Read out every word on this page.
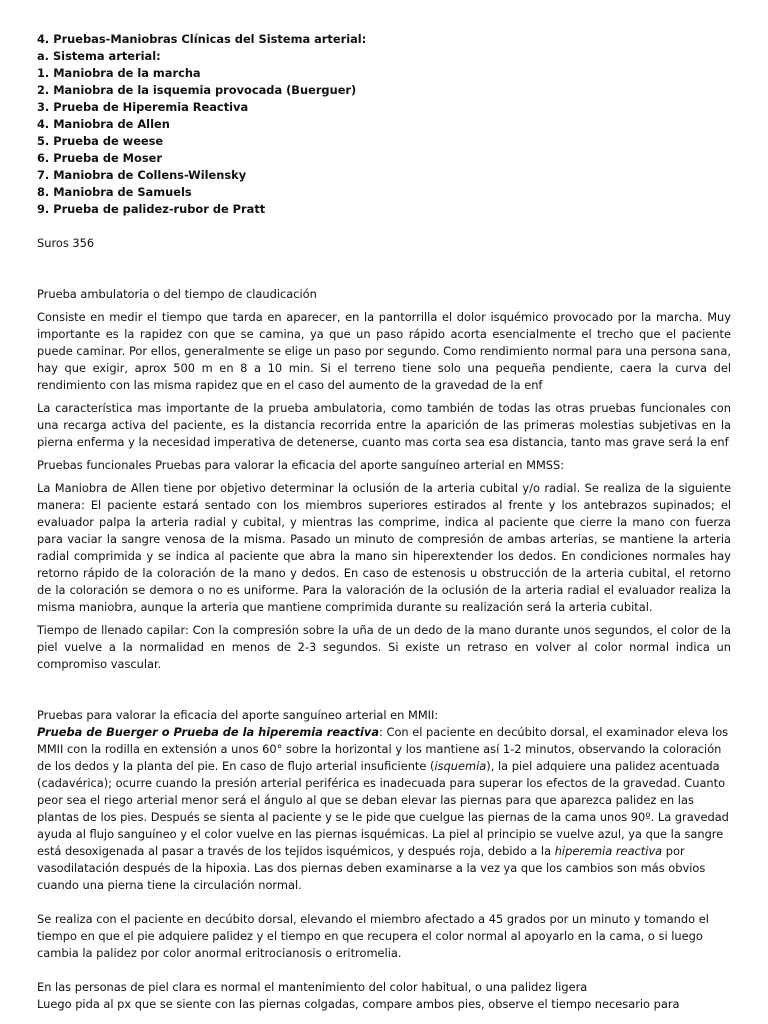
4. Pruebas-Maniobras Clínicas del Sistema arterial:

a. Sistema arterial:

1. Maniobra de la marcha
2. Maniobra de la isquemia provocada (Buerguer)
3. Prueba de Hiperemia Reactiva
4. Maniobra de Allen
5. Prueba de weese
6. Prueba de Moser
7. Maniobra de Collens-Wilensky
8. Maniobra de Samuels
9. Prueba de palidez-rubor de Pratt

Suros 356

Prueba ambulatoria o del tiempo de claudicación

Consiste en medir el tiempo que tarda en aparecer, en la pantorrilla el dolor isquémico provocado por la marcha. Muy importante es la rapidez con que se camina, ya que un paso rápido acorta esencialmente el trecho que el paciente puede caminar. Por ellos, generalmente se elige un paso por segundo. Como rendimiento normal para una persona sana, hay que exigir, aprox 500 m en 8 a 10 min. Si el terreno tiene solo una pequeña pendiente, caera la curva del rendimiento con las misma rapidez que en el caso del aumento de la gravedad de la enf

La característica mas importante de la prueba ambulatoria, como también de todas las otras pruebas funcionales con una recarga activa del paciente, es la distancia recorrida entre la aparición de las primeras molestias subjetivas en la pierna enferma y la necesidad imperativa de detenerse, cuanto mas corta sea esa distancia, tanto mas grave será la enf

Pruebas funcionales Pruebas para valorar la eficacia del aporte sanguíneo arterial en MMSS:

La Maniobra de Allen tiene por objetivo determinar la oclusión de la arteria cubital y/o radial. Se realiza de la siguiente manera: El paciente estará sentado con los miembros superiores estirados al frente y los antebrazos supinados; el evaluador palpa la arteria radial y cubital, y mientras las comprime, indica al paciente que cierre la mano con fuerza para vaciar la sangre venosa de la misma. Pasado un minuto de compresión de ambas arterias, se mantiene la arteria radial comprimida y se indica al paciente que abra la mano sin hiperextender los dedos. En condiciones normales hay retorno rápido de la coloración de la mano y dedos. En caso de estenosis u obstrucción de la arteria cubital, el retorno de la coloración se demora o no es uniforme. Para la valoración de la oclusión de la arteria radial el evaluador realiza la misma maniobra, aunque la arteria que mantiene comprimida durante su realización será la arteria cubital.

Tiempo de llenado capilar: Con la compresión sobre la uña de un dedo de la mano durante unos segundos, el color de la piel vuelve a la normalidad en menos de 2-3 segundos. Si existe un retraso en volver al color normal indica un compromiso vascular.

Pruebas para valorar la eficacia del aporte sanguíneo arterial en MMII:

Prueba de Buerger o Prueba de la hiperemia reactiva: Con el paciente en decúbito dorsal, el examinador eleva los MMII con la rodilla en extensión a unos 60° sobre la horizontal y los mantiene así 1-2 minutos, observando la coloración de los dedos y la planta del pie. En caso de flujo arterial insuficiente (isquemia), la piel adquiere una palidez acentuada (cadavérica); ocurre cuando la presión arterial periférica es inadecuada para superar los efectos de la gravedad. Cuanto peor sea el riego arterial menor será el ángulo al que se deban elevar las piernas para que aparezca palidez en las plantas de los pies. Después se sienta al paciente y se le pide que cuelgue las piernas de la cama unos 90º. La gravedad ayuda al flujo sanguíneo y el color vuelve en las piernas isquémicas. La piel al principio se vuelve azul, ya que la sangre está desoxigenada al pasar a través de los tejidos isquémicos, y después roja, debido a la hiperemia reactiva por vasodilatación después de la hipoxia. Las dos piernas deben examinarse a la vez ya que los cambios son más obvios cuando una pierna tiene la circulación normal.

Se realiza con el paciente en decúbito dorsal, elevando el miembro afectado a 45 grados por un minuto y tomando el tiempo en que el pie adquiere palidez y el tiempo en que recupera el color normal al apoyarlo en la cama, o si luego cambia la palidez por color anormal eritrocianosis o eritromelia.

En las personas de piel clara es normal el mantenimiento del color habitual, o una palidez ligera

Luego pida al px que se siente con las piernas colgadas, compare ambos pies, observe el tiempo necesario para
